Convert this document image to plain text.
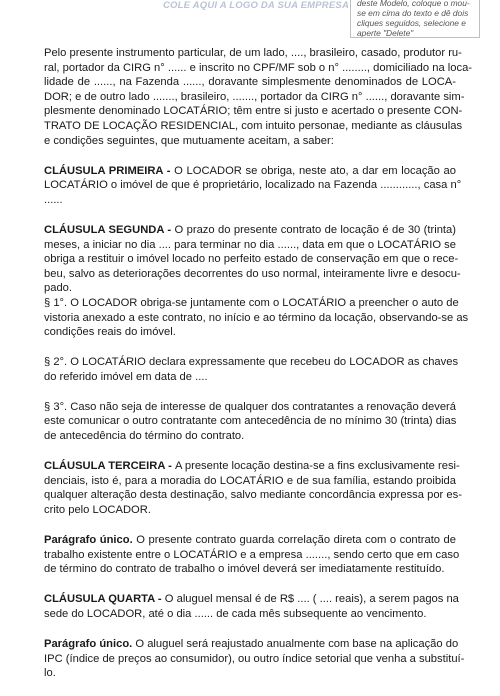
COLE AQUI A LOGO DA SUA EMPRESA deste Modelo, coloque o mou-
se em cima do texto e dê dois
cliques seguidos, selecione e
aperte "Delete"
Pelo presente instrumento particular, de um lado, ...., brasileiro, casado, produtor ru-
ral, portador da CIRG n° ...... e inscrito no CPF/MF sob o n° ........, domiciliado na loca-
lidade de ......, na Fazenda ......, doravante simplesmente denominados de LOCA-
DOR; e de outro lado ......., brasileiro, ......., portador da CIRG n° ......, doravante sim-
plesmente denominado LOCATÁRIO; têm entre si justo e acertado o presente CON-
TRATO DE LOCAÇÃO RESIDENCIAL, com intuito personae, mediante as cláusulas
e condições seguintes, que mutuamente aceitam, a saber:
CLÁUSULA PRIMEIRA - O LOCADOR se obriga, neste ato, a dar em locação ao
LOCATÁRIO o imóvel de que é proprietário, localizado na Fazenda ............, casa n°
......
CLÁUSULA SEGUNDA - O prazo do presente contrato de locação é de 30 (trinta)
meses, a iniciar no dia .... para terminar no dia ......, data em que o LOCATÁRIO se
obriga a restituir o imóvel locado no perfeito estado de conservação em que o rece-
beu, salvo as deteriorações decorrentes do uso normal, inteiramente livre e desocu-
pado.
§ 1°. O LOCADOR obriga-se juntamente com o LOCATÁRIO a preencher o auto de
vistoria anexado a este contrato, no início e ao término da locação, observando-se as
condições reais do imóvel.
§ 2°. O LOCATÁRIO declara expressamente que recebeu do LOCADOR as chaves
do referido imóvel em data de ....
§ 3°. Caso não seja de interesse de qualquer dos contratantes a renovação deverá
este comunicar o outro contratante com antecedência de no mínimo 30 (trinta) dias
de antecedência do término do contrato.
CLÁUSULA TERCEIRA - A presente locação destina-se a fins exclusivamente resi-
denciais, isto é, para a moradia do LOCATÁRIO e de sua família, estando proibida
qualquer alteração desta destinação, salvo mediante concordância expressa por es-
crito pelo LOCADOR.
Parágrafo único. O presente contrato guarda correlação direta com o contrato de
trabalho existente entre o LOCATÁRIO e a empresa ......., sendo certo que em caso
de término do contrato de trabalho o imóvel deverá ser imediatamente restituído.
CLÁUSULA QUARTA - O aluguel mensal é de R$ .... ( .... reais), a serem pagos na
sede do LOCADOR, até o dia ...... de cada mês subsequente ao vencimento.
Parágrafo único. O aluguel será reajustado anualmente com base na aplicação do
IPC (índice de preços ao consumidor), ou outro índice setorial que venha a substituí-
lo.
